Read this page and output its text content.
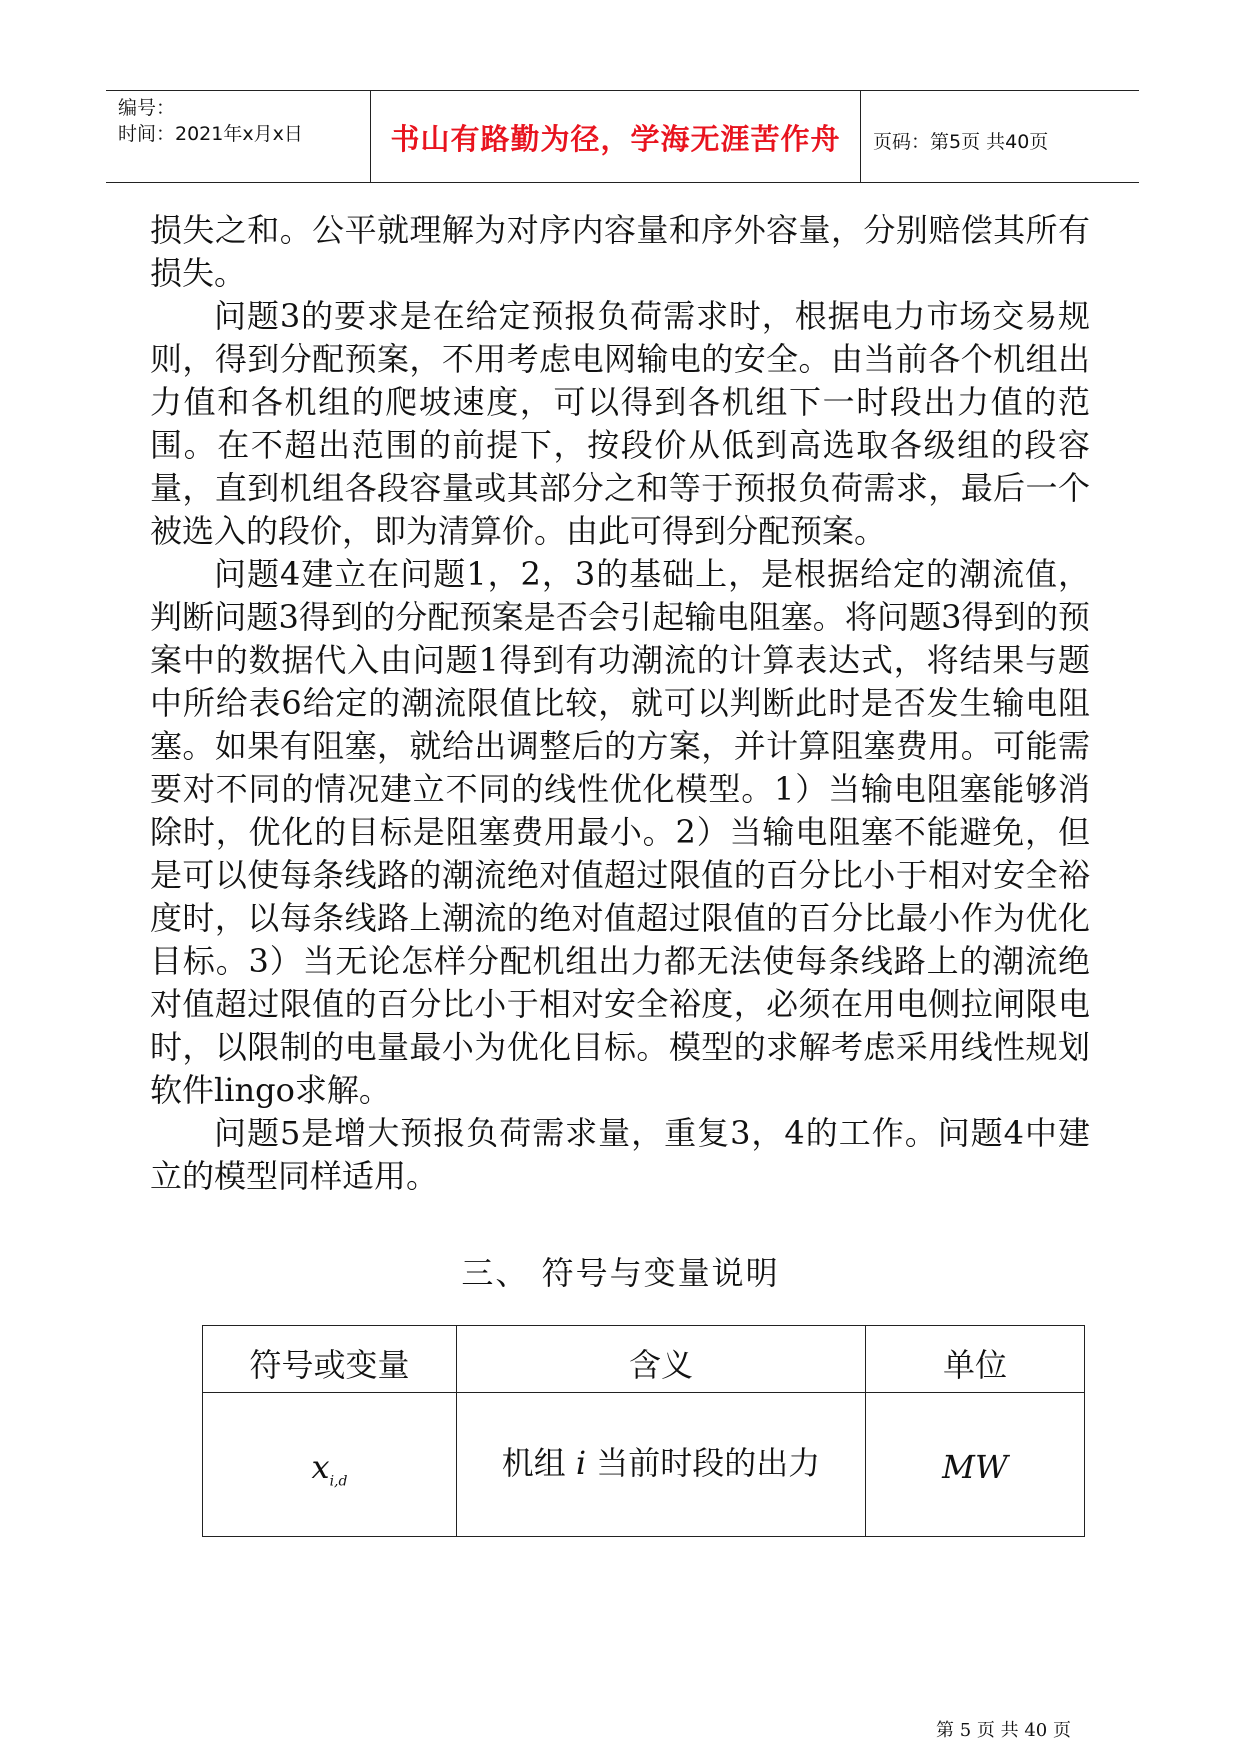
编号：
时间：2021年x月x日	书山有路勤为径，学海无涯苦作舟	页码：第5页 共40页

损失之和。公平就理解为对序内容量和序外容量，分别赔偿其所有损失。

问题3的要求是在给定预报负荷需求时，根据电力市场交易规则，得到分配预案，不用考虑电网输电的安全。由当前各个机组出力值和各机组的爬坡速度，可以得到各机组下一时段出力值的范围。在不超出范围的前提下，按段价从低到高选取各级组的段容量，直到机组各段容量或其部分之和等于预报负荷需求，最后一个被选入的段价，即为清算价。由此可得到分配预案。

问题4建立在问题1，2，3的基础上，是根据给定的潮流值，判断问题3得到的分配预案是否会引起输电阻塞。将问题3得到的预案中的数据代入由问题1得到有功潮流的计算表达式，将结果与题中所给表6给定的潮流限值比较，就可以判断此时是否发生输电阻塞。如果有阻塞，就给出调整后的方案，并计算阻塞费用。可能需要对不同的情况建立不同的线性优化模型。1）当输电阻塞能够消除时，优化的目标是阻塞费用最小。2）当输电阻塞不能避免，但是可以使每条线路的潮流绝对值超过限值的百分比小于相对安全裕度时，以每条线路上潮流的绝对值超过限值的百分比最小作为优化目标。3）当无论怎样分配机组出力都无法使每条线路上的潮流绝对值超过限值的百分比小于相对安全裕度，必须在用电侧拉闸限电时，以限制的电量最小为优化目标。模型的求解考虑采用线性规划软件lingo求解。

问题5是增大预报负荷需求量，重复3，4的工作。问题4中建立的模型同样适用。

三、 符号与变量说明
符号或变量	含义	单位
$x_{i,d}$	机组 i 当前时段的出力	MW
第 5 页 共 40 页
